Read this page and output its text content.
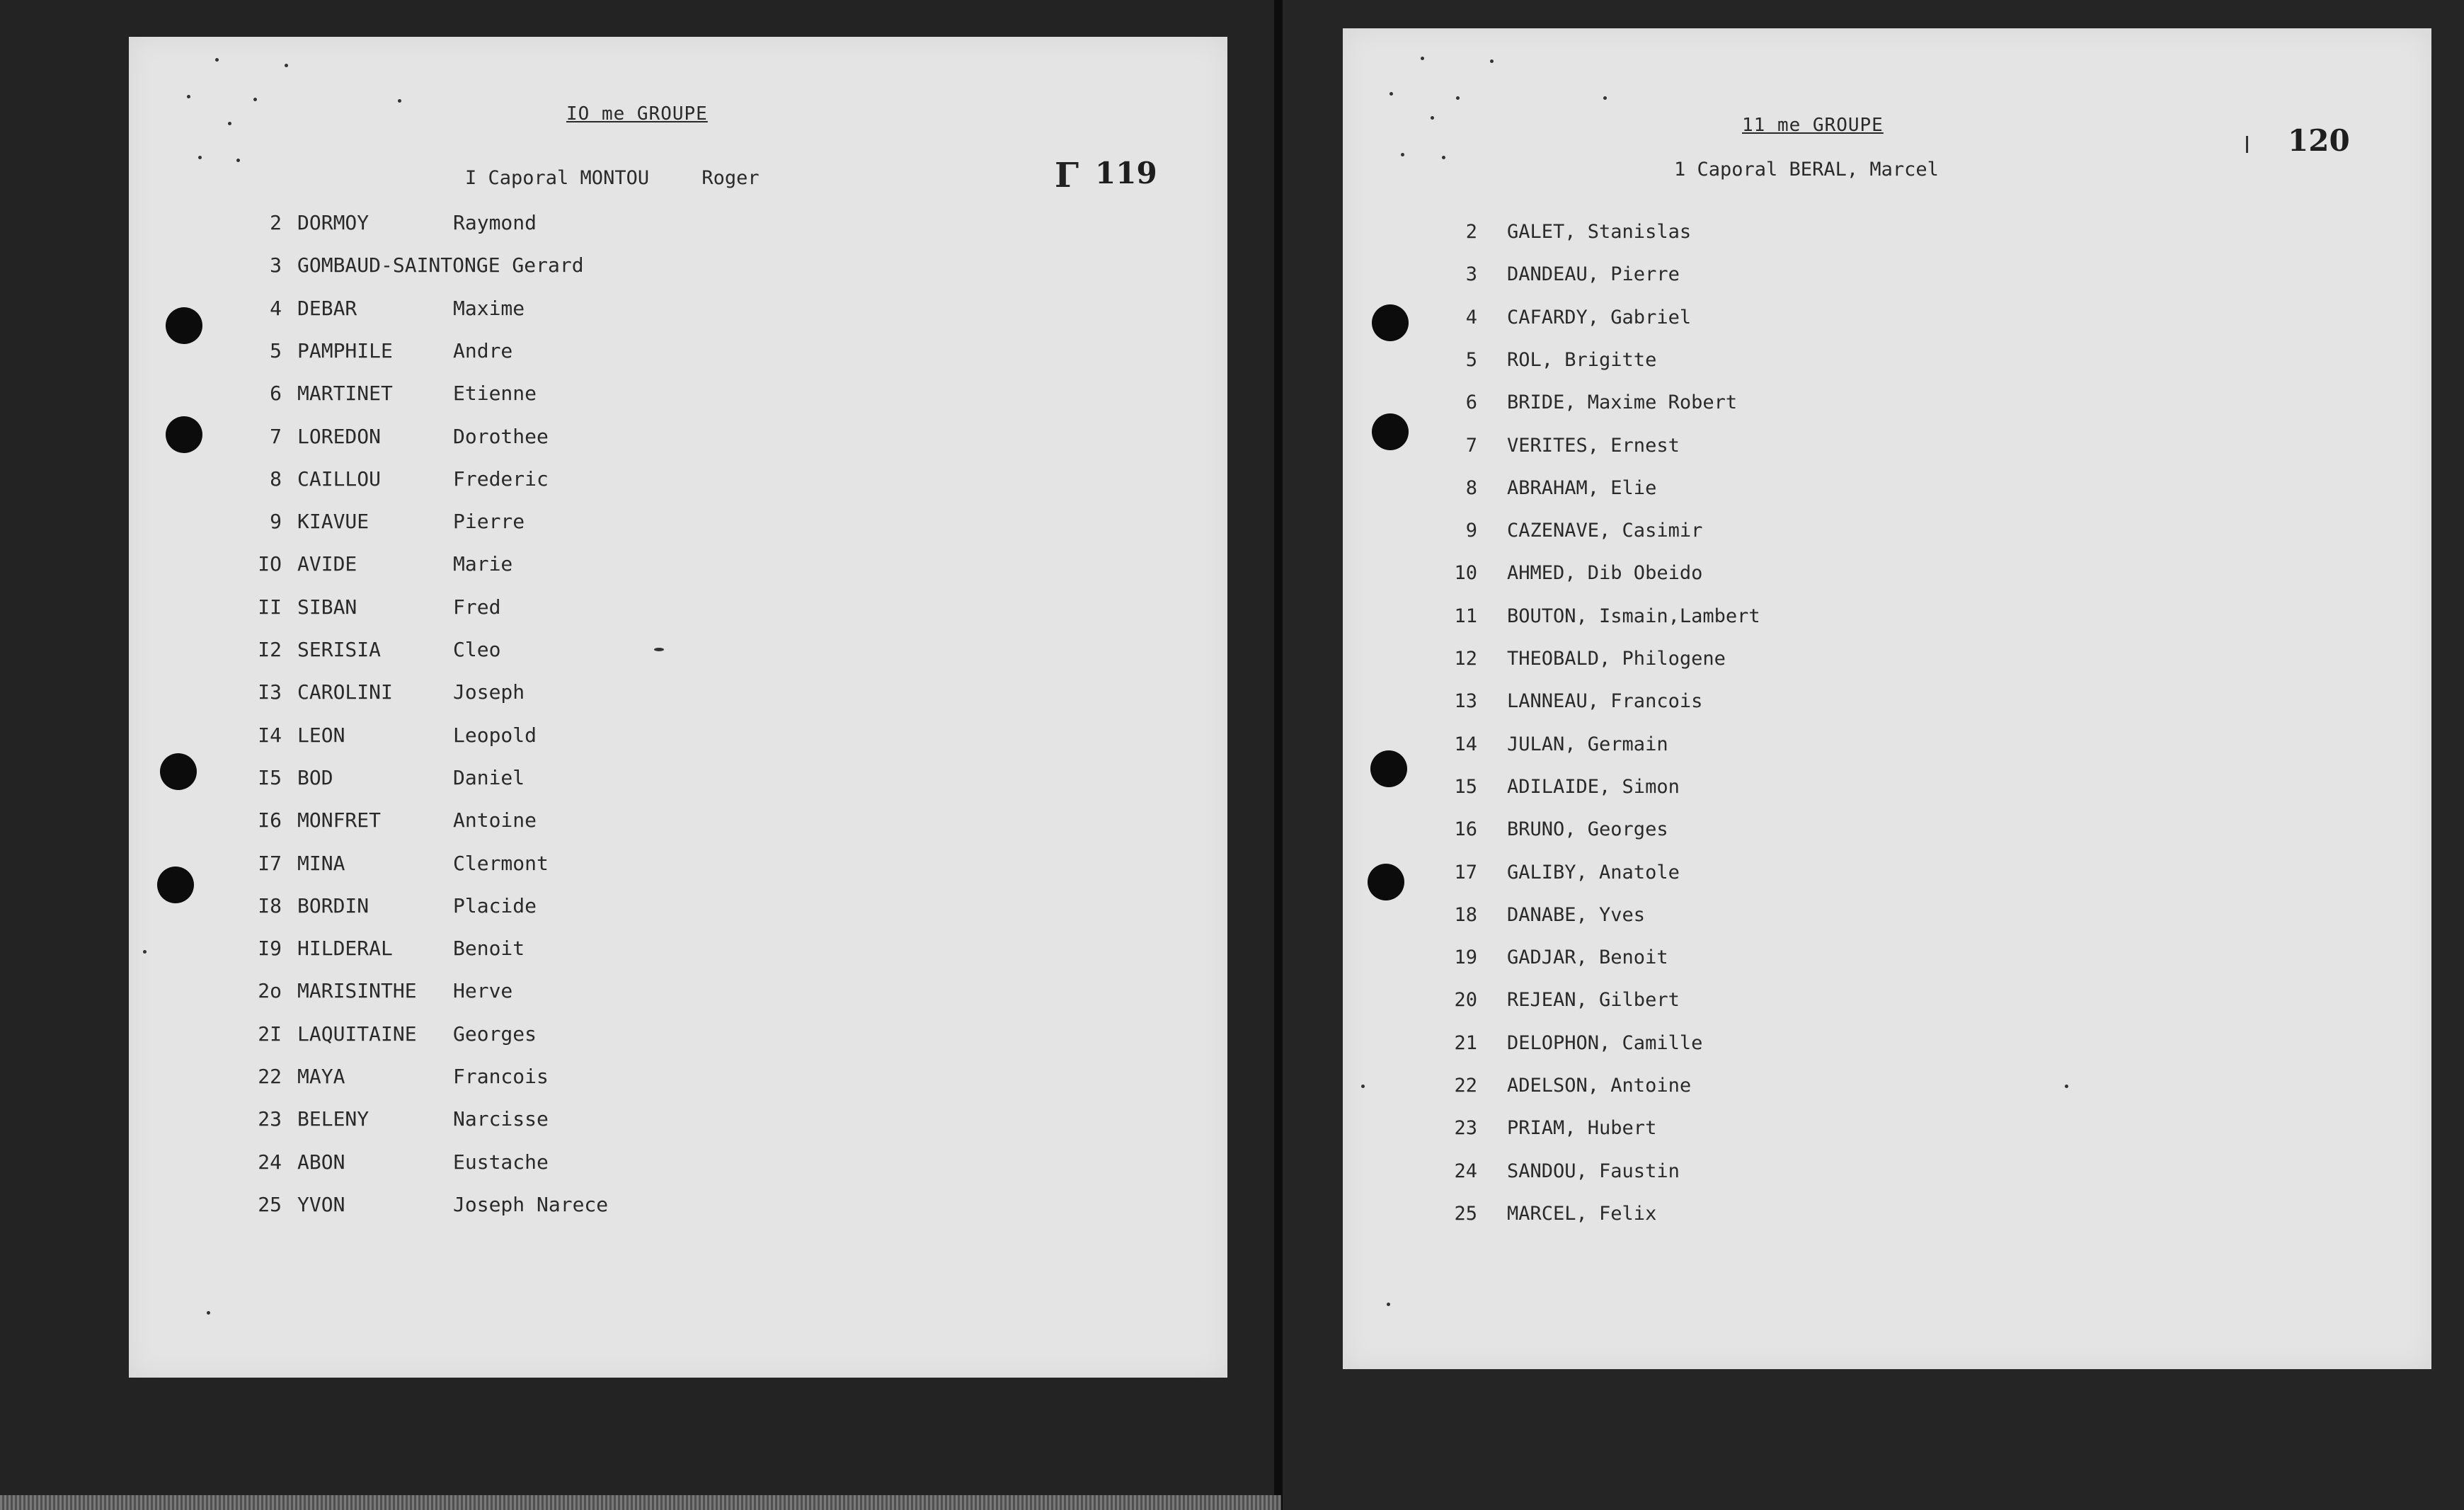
IO me GROUPE
I Caporal MONTOU	Roger	Γ 119
2 DORMOY	Raymond
3 GOMBAUD-SAINTONGE Gerard
4 DEBAR	Maxime
5 PAMPHILE	Andre
6 MARTINET	Etienne
7 LOREDON	Dorothee
8 CAILLOU	Frederic
9 KIAVUE	Pierre
IO AVIDE	Marie
II SIBAN	Fred
I2 SERISIA	Cleo
I3 CAROLINI	Joseph
I4 LEON	Leopold
I5 BOD	Daniel
I6 MONFRET	Antoine
I7 MINA	Clermont
I8 BORDIN	Placide
I9 HILDERAL	Benoit
2o MARISINTHE Herve
2I LAQUITAINE Georges
22 MAYA	Francois
23 BELENY	Narcisse
24 ABON	Eustache
25 YVON	Joseph Narece
11 me GROUPE
1 Caporal BERAL, Marcel
120
2 GALET, Stanislas
3 DANDEAU, Pierre
4 CAFARDY, Gabriel
5 ROL, Brigitte
6 BRIDE, Maxime Robert
7 VERITES, Ernest
8 ABRAHAM, Elie
9 CAZENAVE, Casimir
10 AHMED, Dib Obeido
11 BOUTON, Ismain,Lambert
12 THEOBALD, Philogene
13 LANNEAU, Francois
14 JULAN, Germain
15 ADILAIDE, Simon
16 BRUNO, Georges
17 GALIBY, Anatole
18 DANABE, Yves
19 GADJAR, Benoit
20 REJEAN, Gilbert
21 DELOPHON, Camille
22 ADELSON, Antoine
23 PRIAM, Hubert
24 SANDOU, Faustin
25 MARCEL, Felix
